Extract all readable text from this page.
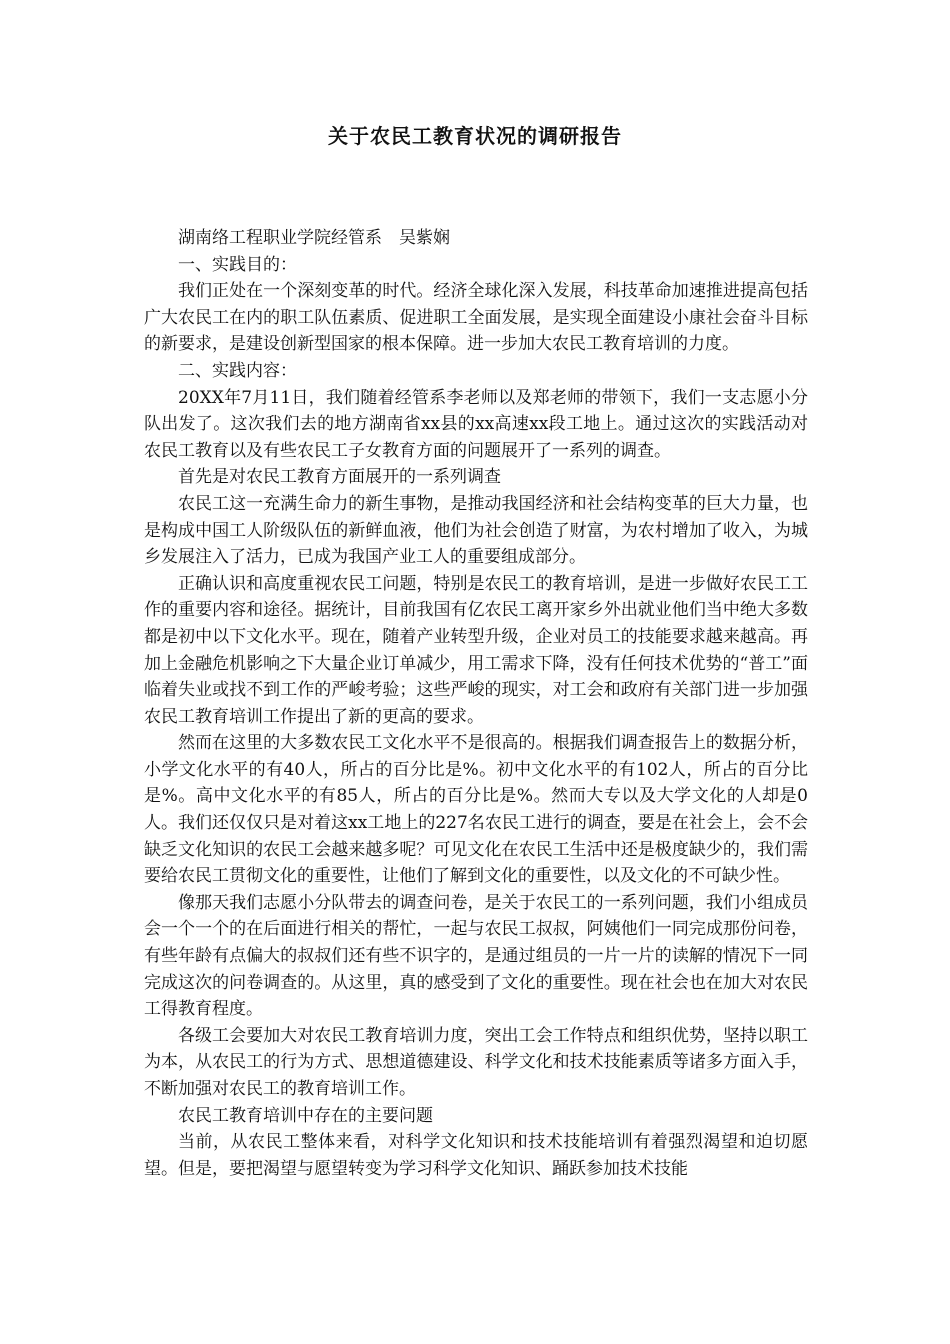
关于农民工教育状况的调研报告

湖南络工程职业学院经管系　吴紫娴

一、实践目的：

我们正处在一个深刻变革的时代。经济全球化深入发展，科技革命加速推进提高包括广大农民工在内的职工队伍素质、促进职工全面发展，是实现全面建设小康社会奋斗目标的新要求，是建设创新型国家的根本保障。进一步加大农民工教育培训的力度。

二、实践内容：

20XX年7月11日，我们随着经管系李老师以及郑老师的带领下，我们一支志愿小分队出发了。这次我们去的地方湖南省xx县的xx高速xx段工地上。通过这次的实践活动对农民工教育以及有些农民工子女教育方面的问题展开了一系列的调查。

首先是对农民工教育方面展开的一系列调查

农民工这一充满生命力的新生事物，是推动我国经济和社会结构变革的巨大力量，也是构成中国工人阶级队伍的新鲜血液，他们为社会创造了财富，为农村增加了收入，为城乡发展注入了活力，已成为我国产业工人的重要组成部分。

正确认识和高度重视农民工问题，特别是农民工的教育培训，是进一步做好农民工工作的重要内容和途径。据统计，目前我国有亿农民工离开家乡外出就业他们当中绝大多数都是初中以下文化水平。现在，随着产业转型升级，企业对员工的技能要求越来越高。再加上金融危机影响之下大量企业订单减少，用工需求下降，没有任何技术优势的“普工”面临着失业或找不到工作的严峻考验；这些严峻的现实，对工会和政府有关部门进一步加强农民工教育培训工作提出了新的更高的要求。

然而在这里的大多数农民工文化水平不是很高的。根据我们调查报告上的数据分析，小学文化水平的有40人，所占的百分比是%。初中文化水平的有102人，所占的百分比是%。高中文化水平的有85人，所占的百分比是%。然而大专以及大学文化的人却是0人。我们还仅仅只是对着这xx工地上的227名农民工进行的调查，要是在社会上，会不会缺乏文化知识的农民工会越来越多呢？可见文化在农民工生活中还是极度缺少的，我们需要给农民工贯彻文化的重要性，让他们了解到文化的重要性，以及文化的不可缺少性。

像那天我们志愿小分队带去的调查问卷，是关于农民工的一系列问题，我们小组成员会一个一个的在后面进行相关的帮忙，一起与农民工叔叔，阿姨他们一同完成那份问卷，有些年龄有点偏大的叔叔们还有些不识字的，是通过组员的一片一片的读解的情况下一同完成这次的问卷调查的。从这里，真的感受到了文化的重要性。现在社会也在加大对农民工得教育程度。

各级工会要加大对农民工教育培训力度，突出工会工作特点和组织优势，坚持以职工为本，从农民工的行为方式、思想道德建设、科学文化和技术技能素质等诸多方面入手，不断加强对农民工的教育培训工作。

农民工教育培训中存在的主要问题

当前，从农民工整体来看，对科学文化知识和技术技能培训有着强烈渴望和迫切愿望。但是，要把渴望与愿望转变为学习科学文化知识、踊跃参加技术技能
